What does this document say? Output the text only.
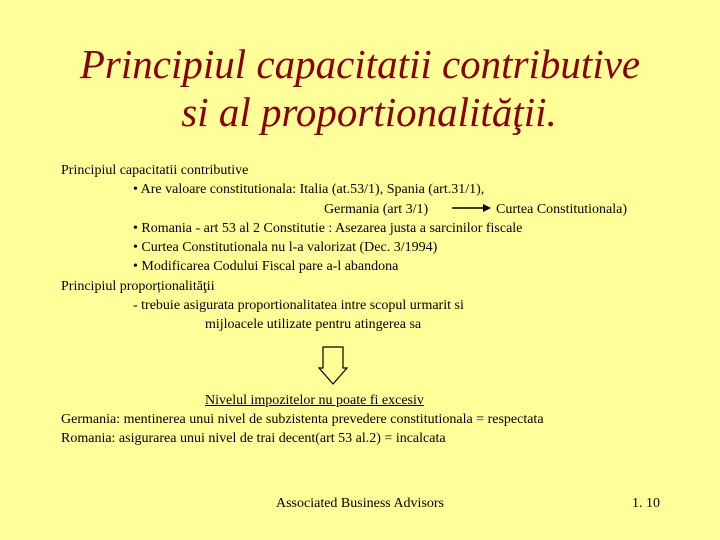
Principiul capacitatii contributive
si al proportionalităţii.
Principiul capacitatii contributive
• Are valoare constitutionala: Italia (at.53/1), Spania (art.31/1),
Germania (art 3/1)	Curtea Constitutionala)
• Romania - art 53 al 2 Constitutie : Asezarea justa a sarcinilor fiscale
• Curtea Constitutionala nu l-a valorizat (Dec. 3/1994)
• Modificarea Codului Fiscal pare a-l abandona
Principiul proporționalităţii
- trebuie asigurata proportionalitatea intre scopul urmarit si
mijloacele utilizate pentru atingerea sa
Nivelul impozitelor nu poate fi excesiv
Germania: mentinerea unui nivel de subzistenta prevedere constitutionala = respectata
Romania: asigurarea unui nivel de trai decent(art 53 al.2) = incalcata
Associated Business Advisors	1. 10
